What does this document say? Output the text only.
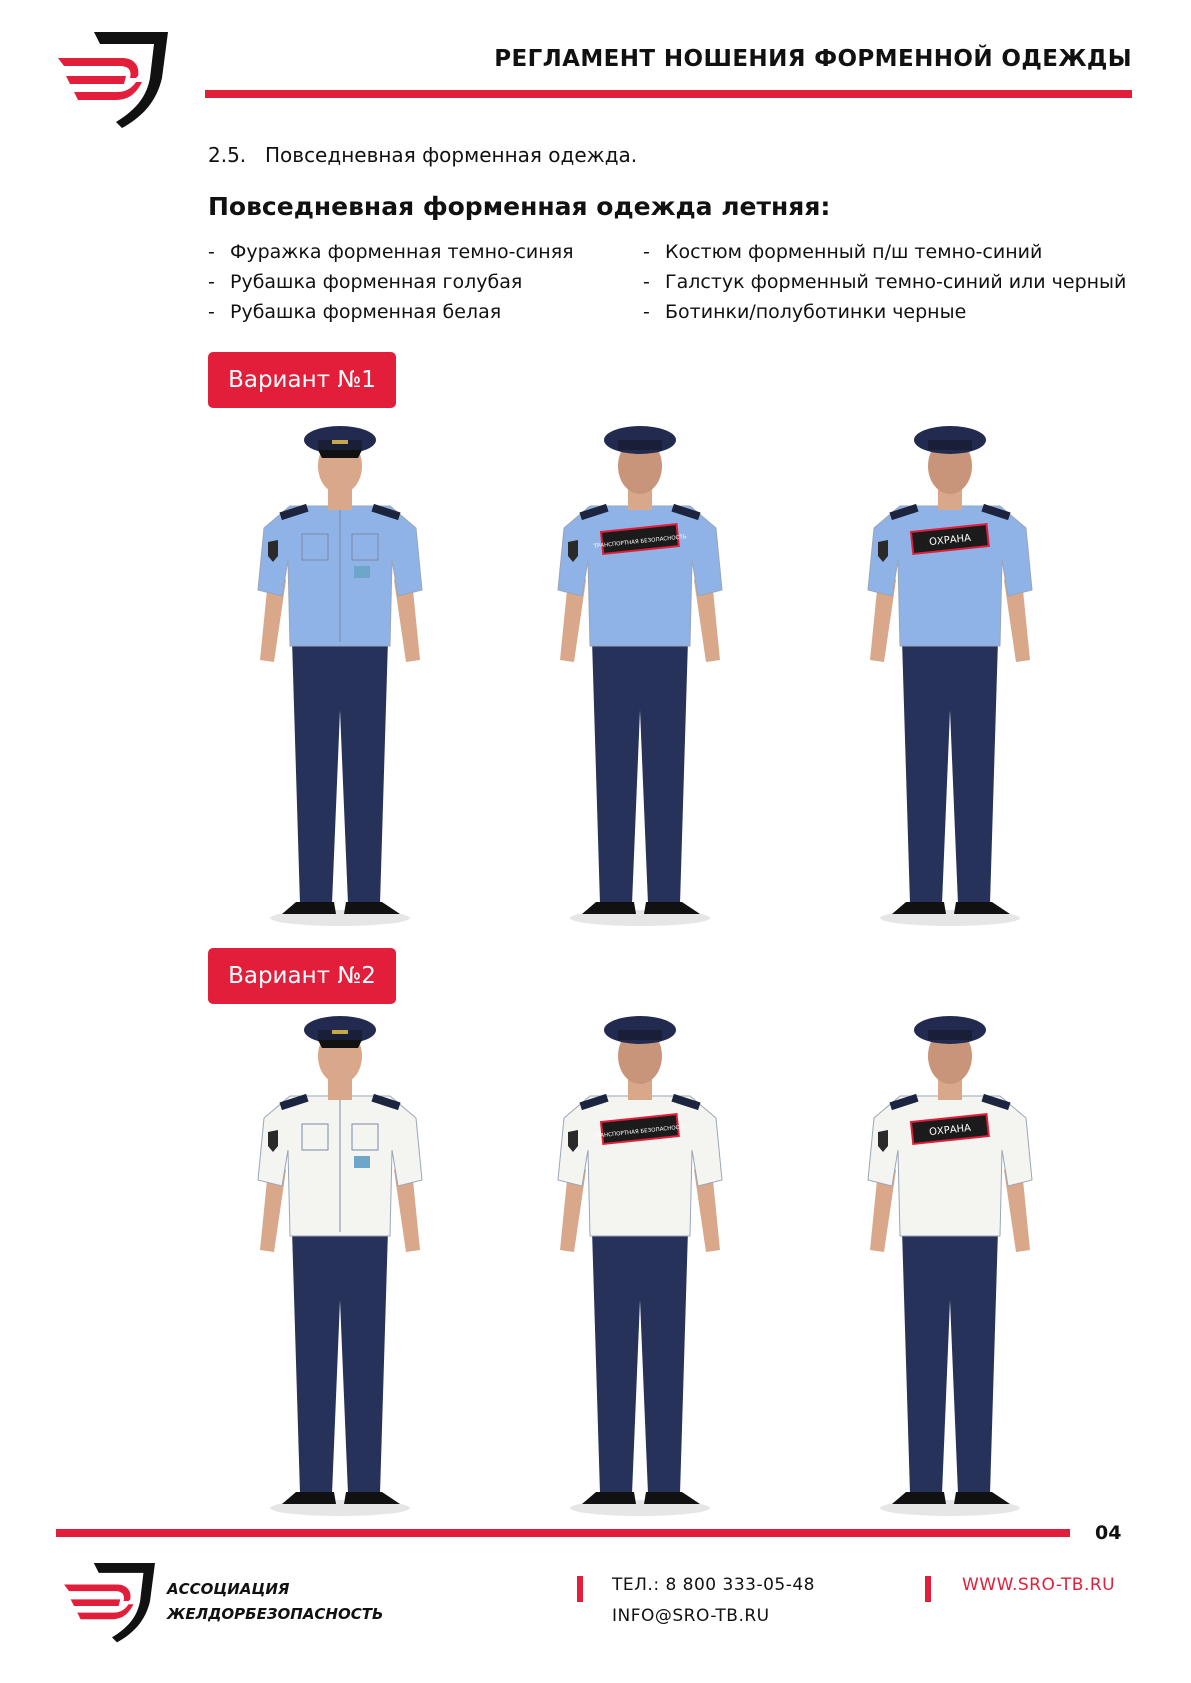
РЕГЛАМЕНТ НОШЕНИЯ ФОРМЕННОЙ ОДЕЖДЫ
2.5. Повседневная форменная одежда.
Повседневная форменная одежда летняя:
- Фуражка форменная темно-синяя
- Рубашка форменная голубая
- Рубашка форменная белая
- Костюм форменный п/ш темно-синий
- Галстук форменный темно-синий или черный
- Ботинки/полуботинки черные
Вариант №1
Вариант №2
ТРАНСПОРТНАЯ БЕЗОПАСНОСТЬ	ОХРАНА
ТРАНСПОРТНАЯ БЕЗОПАСНОСТЬ	ОХРАНА
04
АССОЦИАЦИЯ
ЖЕЛДОРБЕЗОПАСНОСТЬ
ТЕЛ.: 8 800 333-05-48
INFO@SRO-TB.RU
WWW.SRO-TB.RU
